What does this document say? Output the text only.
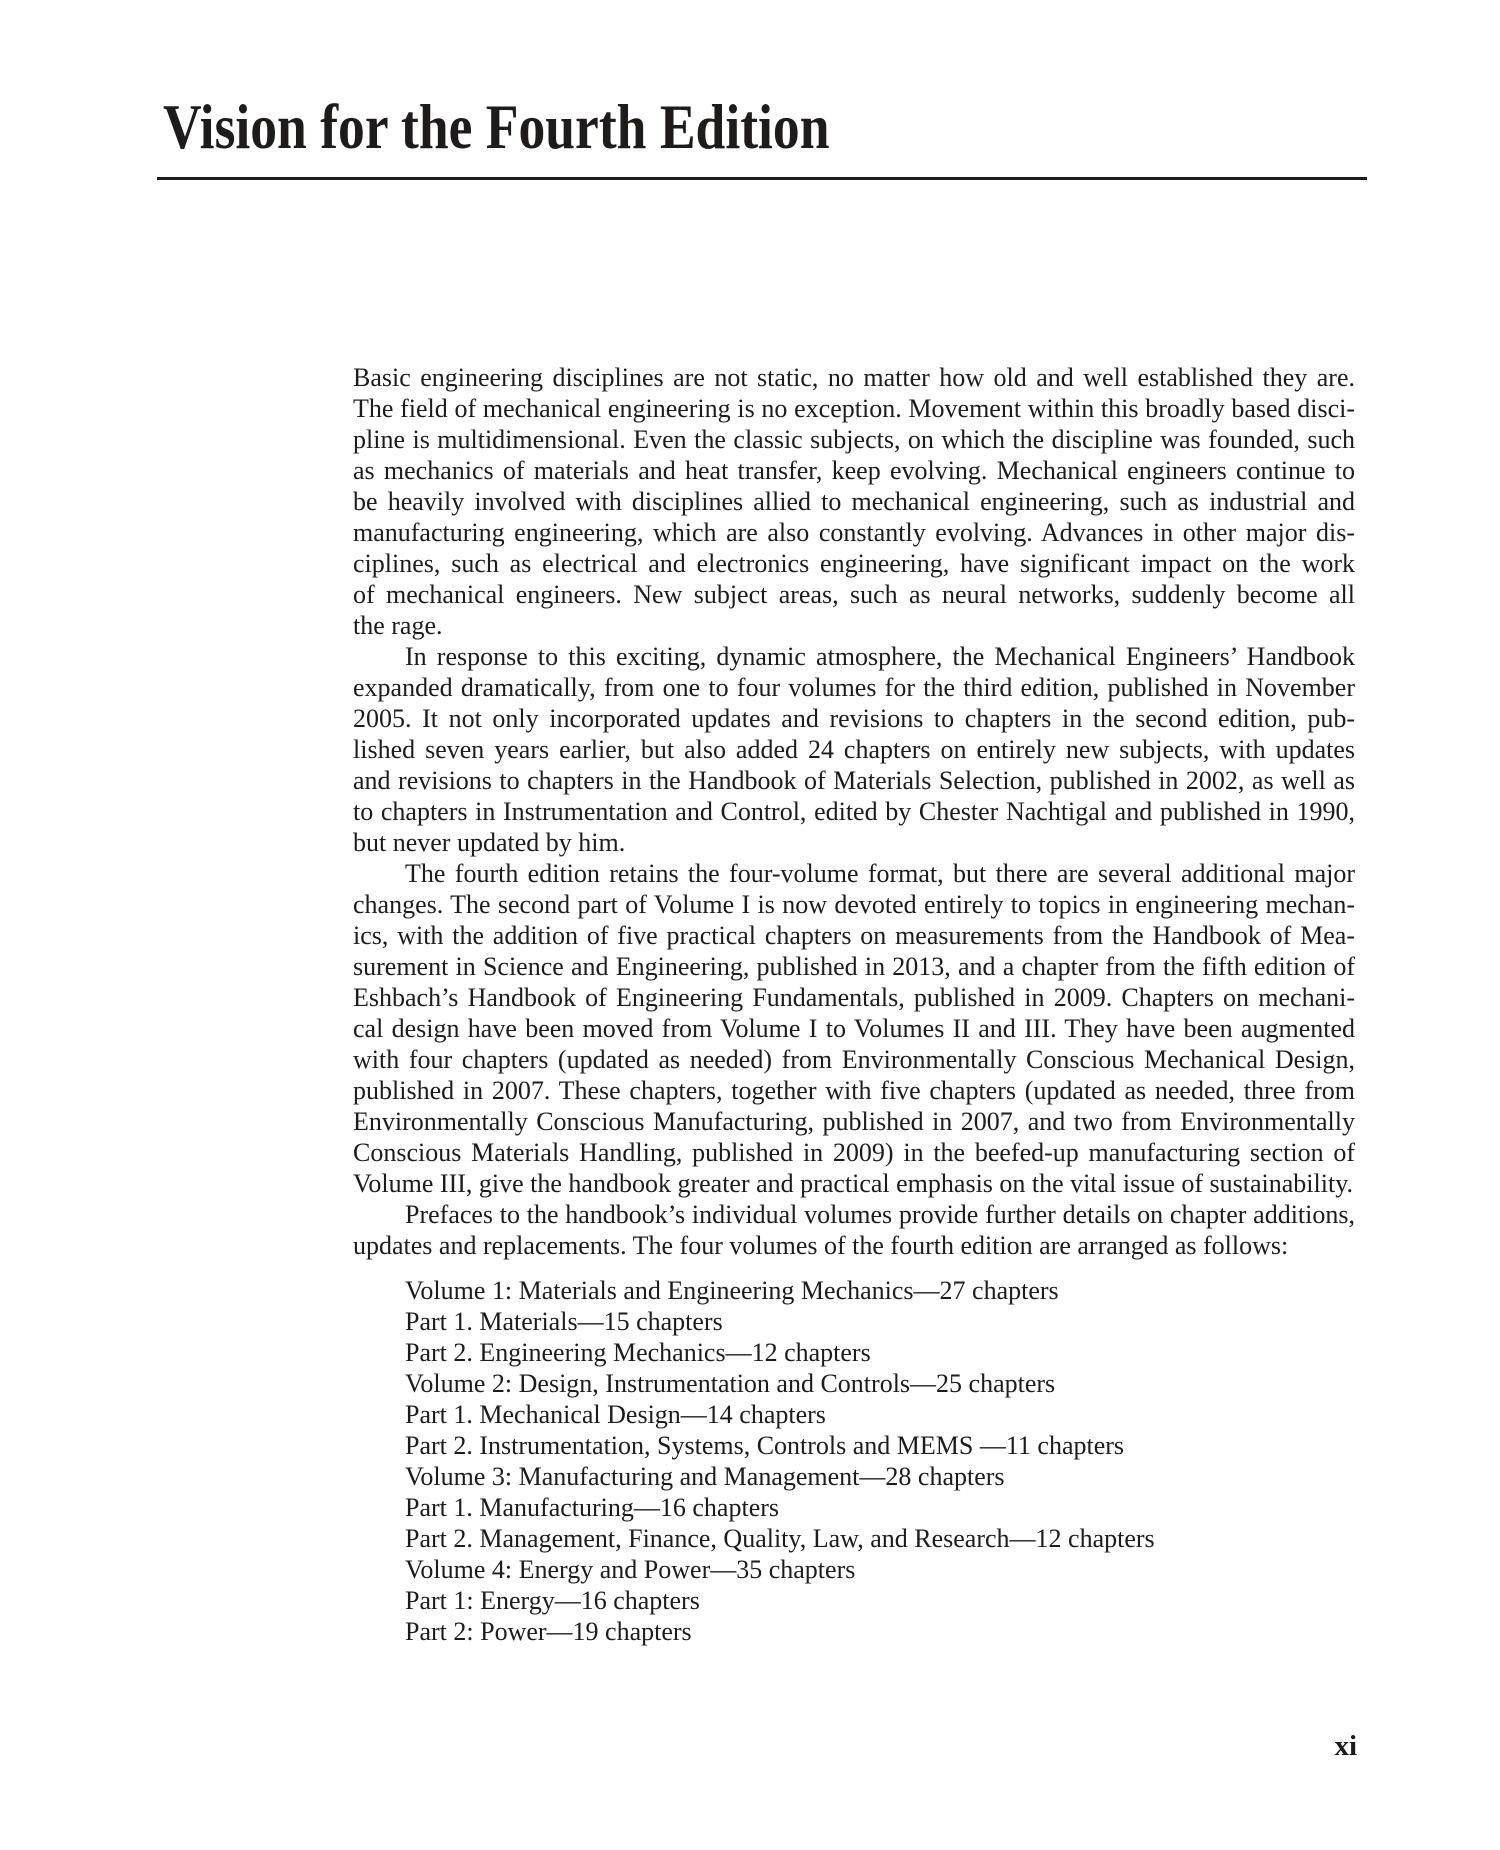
Vision for the Fourth Edition
Basic engineering disciplines are not static, no matter how old and well established they are.
The field of mechanical engineering is no exception. Movement within this broadly based disci-
pline is multidimensional. Even the classic subjects, on which the discipline was founded, such
as mechanics of materials and heat transfer, keep evolving. Mechanical engineers continue to
be heavily involved with disciplines allied to mechanical engineering, such as industrial and
manufacturing engineering, which are also constantly evolving. Advances in other major dis-
ciplines, such as electrical and electronics engineering, have significant impact on the work
of mechanical engineers. New subject areas, such as neural networks, suddenly become all
the rage.
In response to this exciting, dynamic atmosphere, the Mechanical Engineers’ Handbook
expanded dramatically, from one to four volumes for the third edition, published in November
2005. It not only incorporated updates and revisions to chapters in the second edition, pub-
lished seven years earlier, but also added 24 chapters on entirely new subjects, with updates
and revisions to chapters in the Handbook of Materials Selection, published in 2002, as well as
to chapters in Instrumentation and Control, edited by Chester Nachtigal and published in 1990,
but never updated by him.
The fourth edition retains the four-volume format, but there are several additional major
changes. The second part of Volume I is now devoted entirely to topics in engineering mechan-
ics, with the addition of five practical chapters on measurements from the Handbook of Mea-
surement in Science and Engineering, published in 2013, and a chapter from the fifth edition of
Eshbach’s Handbook of Engineering Fundamentals, published in 2009. Chapters on mechani-
cal design have been moved from Volume I to Volumes II and III. They have been augmented
with four chapters (updated as needed) from Environmentally Conscious Mechanical Design,
published in 2007. These chapters, together with five chapters (updated as needed, three from
Environmentally Conscious Manufacturing, published in 2007, and two from Environmentally
Conscious Materials Handling, published in 2009) in the beefed-up manufacturing section of
Volume III, give the handbook greater and practical emphasis on the vital issue of sustainability.
Prefaces to the handbook’s individual volumes provide further details on chapter additions,
updates and replacements. The four volumes of the fourth edition are arranged as follows:
Volume 1: Materials and Engineering Mechanics—27 chapters
Part 1. Materials—15 chapters
Part 2. Engineering Mechanics—12 chapters
Volume 2: Design, Instrumentation and Controls—25 chapters
Part 1. Mechanical Design—14 chapters
Part 2. Instrumentation, Systems, Controls and MEMS —11 chapters
Volume 3: Manufacturing and Management—28 chapters
Part 1. Manufacturing—16 chapters
Part 2. Management, Finance, Quality, Law, and Research—12 chapters
Volume 4: Energy and Power—35 chapters
Part 1: Energy—16 chapters
Part 2: Power—19 chapters
xi
